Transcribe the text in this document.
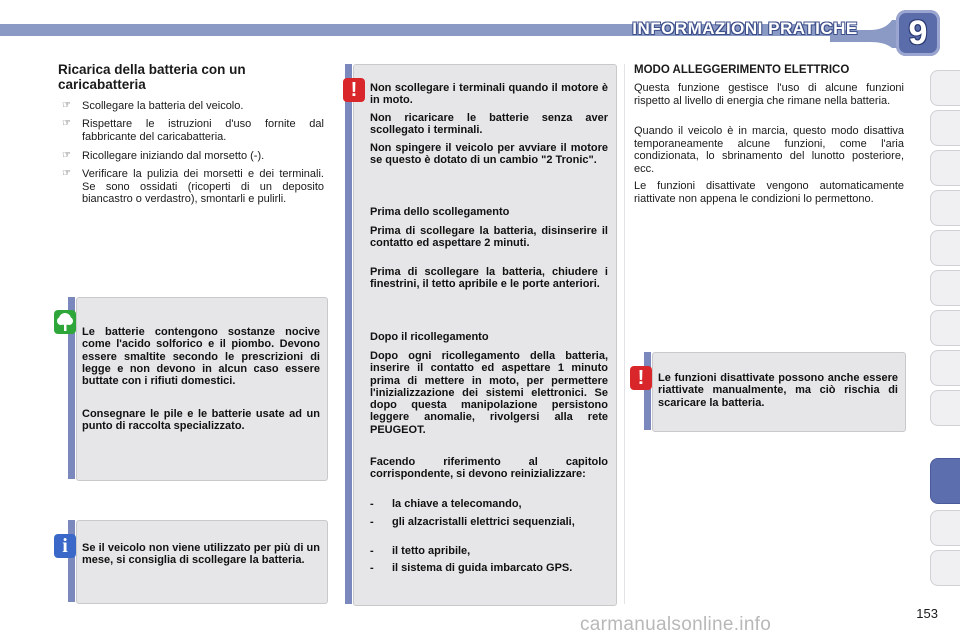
INFORMAZIONI PRATICHE	9
Ricarica della batteria con un caricabatteria
☞ Scollegare la batteria del veicolo.
☞ Rispettare le istruzioni d'uso fornite dal fabbricante del caricabatteria.
☞ Ricollegare iniziando dal morsetto (-).
☞ Verificare la pulizia dei morsetti e dei terminali. Se sono ossidati (ricoperti di un deposito biancastro o verdastro), smontarli e pulirli.
Le batterie contengono sostanze nocive come l'acido solforico e il piombo. Devono essere smaltite secondo le prescrizioni di legge e non devono in alcun caso essere buttate con i rifiuti domestici.
Consegnare le pile e le batterie usate ad un punto di raccolta specializzato.
i	Se il veicolo non viene utilizzato per più di un mese, si consiglia di scollegare la batteria.
!	Non scollegare i terminali quando il motore è in moto.
Non ricaricare le batterie senza aver scollegato i terminali.
Non spingere il veicolo per avviare il motore se questo è dotato di un cambio "2 Tronic".
Prima dello scollegamento
Prima di scollegare la batteria, disinserire il contatto ed aspettare 2 minuti.
Prima di scollegare la batteria, chiudere i finestrini, il tetto apribile e le porte anteriori.
Dopo il ricollegamento
Dopo ogni ricollegamento della batteria, inserire il contatto ed aspettare 1 minuto prima di mettere in moto, per permettere l'inizializzazione dei sistemi elettronici. Se dopo questa manipolazione persistono leggere anomalie, rivolgersi alla rete PEUGEOT.
Facendo riferimento al capitolo corrispondente, si devono reinizializzare:
-	la chiave a telecomando,
-	gli alzacristalli elettrici sequenziali,
-	il tetto apribile,
-	il sistema di guida imbarcato GPS.
MODO ALLEGGERIMENTO ELETTRICO
Questa funzione gestisce l'uso di alcune funzioni rispetto al livello di energia che rimane nella batteria.
Quando il veicolo è in marcia, questo modo disattiva temporaneamente alcune funzioni, come l'aria condizionata, lo sbrinamento del lunotto posteriore, ecc.
Le funzioni disattivate vengono automaticamente riattivate non appena le condizioni lo permettono.
!	Le funzioni disattivate possono anche essere riattivate manualmente, ma ciò rischia di scaricare la batteria.
153
carmanualsonline.info
